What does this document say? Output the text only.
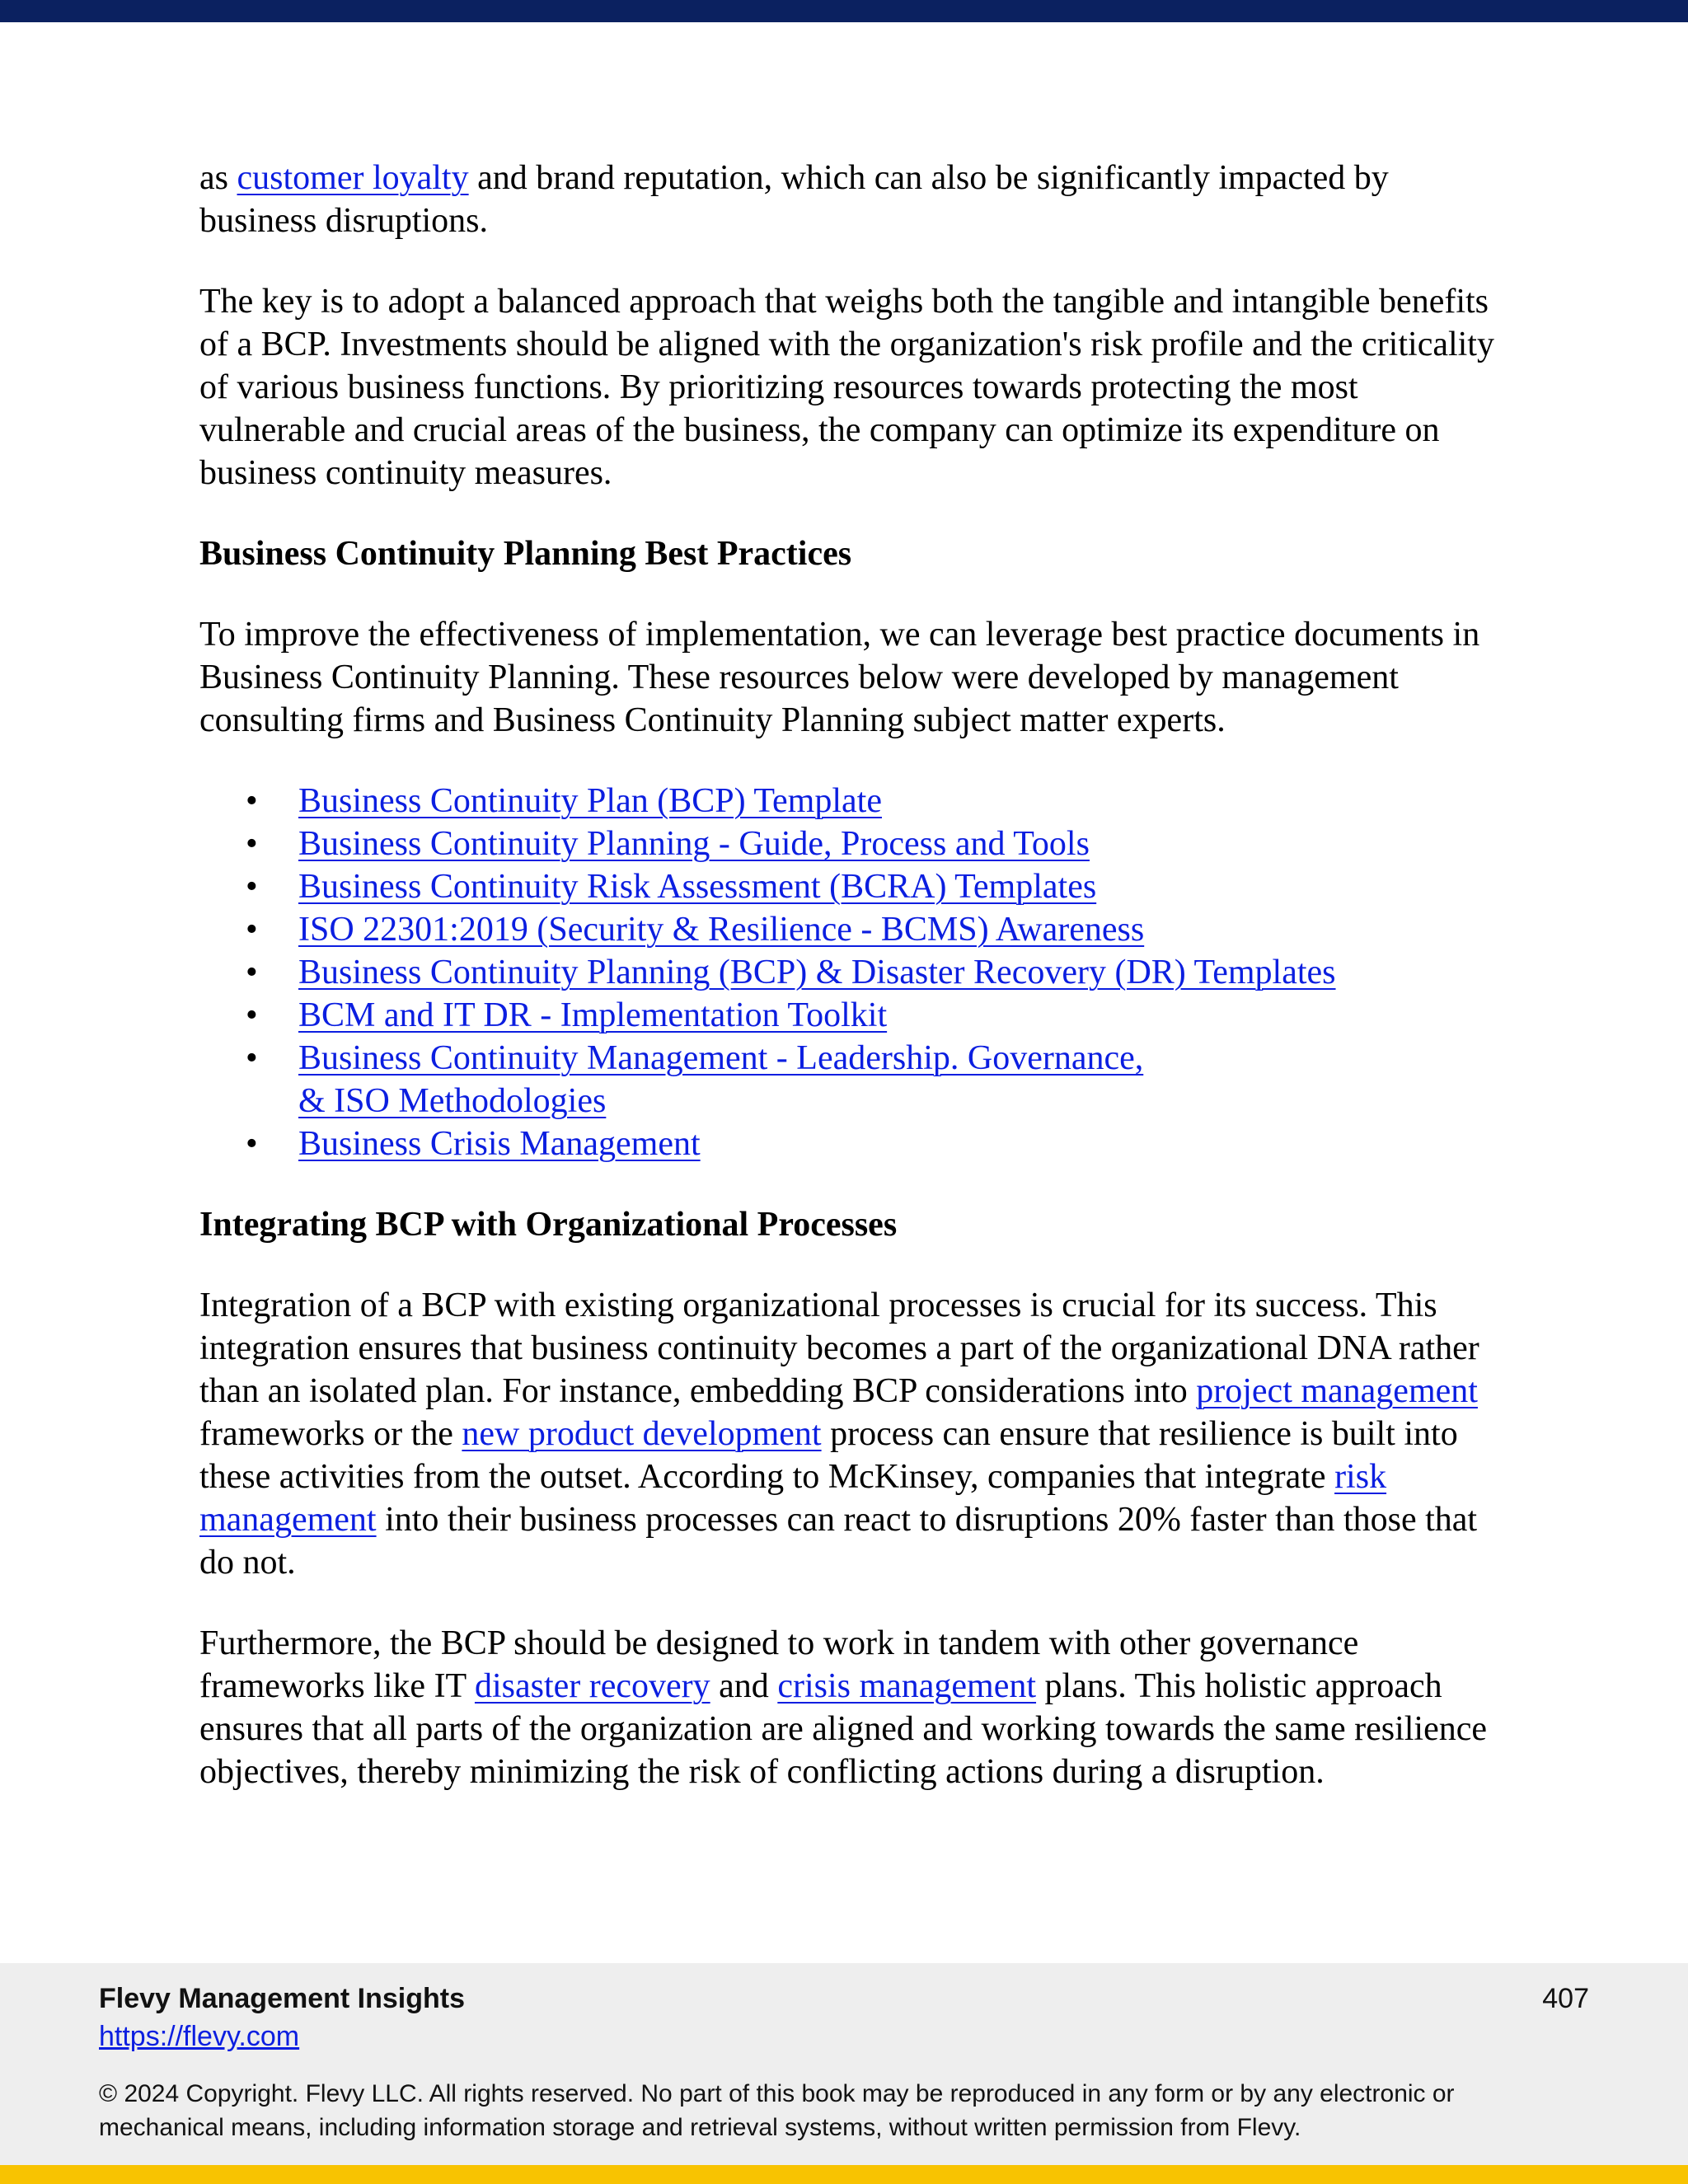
as customer loyalty and brand reputation, which can also be significantly impacted by business disruptions.

The key is to adopt a balanced approach that weighs both the tangible and intangible benefits of a BCP. Investments should be aligned with the organization's risk profile and the criticality of various business functions. By prioritizing resources towards protecting the most vulnerable and crucial areas of the business, the company can optimize its expenditure on business continuity measures.

Business Continuity Planning Best Practices

To improve the effectiveness of implementation, we can leverage best practice documents in Business Continuity Planning. These resources below were developed by management consulting firms and Business Continuity Planning subject matter experts.

• Business Continuity Plan (BCP) Template
• Business Continuity Planning - Guide, Process and Tools
• Business Continuity Risk Assessment (BCRA) Templates
• ISO 22301:2019 (Security & Resilience - BCMS) Awareness
• Business Continuity Planning (BCP) & Disaster Recovery (DR) Templates
• BCM and IT DR - Implementation Toolkit
• Business Continuity Management - Leadership. Governance, & ISO Methodologies
• Business Crisis Management
Integrating BCP with Organizational Processes

Integration of a BCP with existing organizational processes is crucial for its success. This integration ensures that business continuity becomes a part of the organizational DNA rather than an isolated plan. For instance, embedding BCP considerations into project management frameworks or the new product development process can ensure that resilience is built into these activities from the outset. According to McKinsey, companies that integrate risk management into their business processes can react to disruptions 20% faster than those that do not.

Furthermore, the BCP should be designed to work in tandem with other governance frameworks like IT disaster recovery and crisis management plans. This holistic approach ensures that all parts of the organization are aligned and working towards the same resilience objectives, thereby minimizing the risk of conflicting actions during a disruption.

Flevy Management Insights
https://flevy.com
407
© 2024 Copyright. Flevy LLC. All rights reserved. No part of this book may be reproduced in any form or by any electronic or mechanical means, including information storage and retrieval systems, without written permission from Flevy.
